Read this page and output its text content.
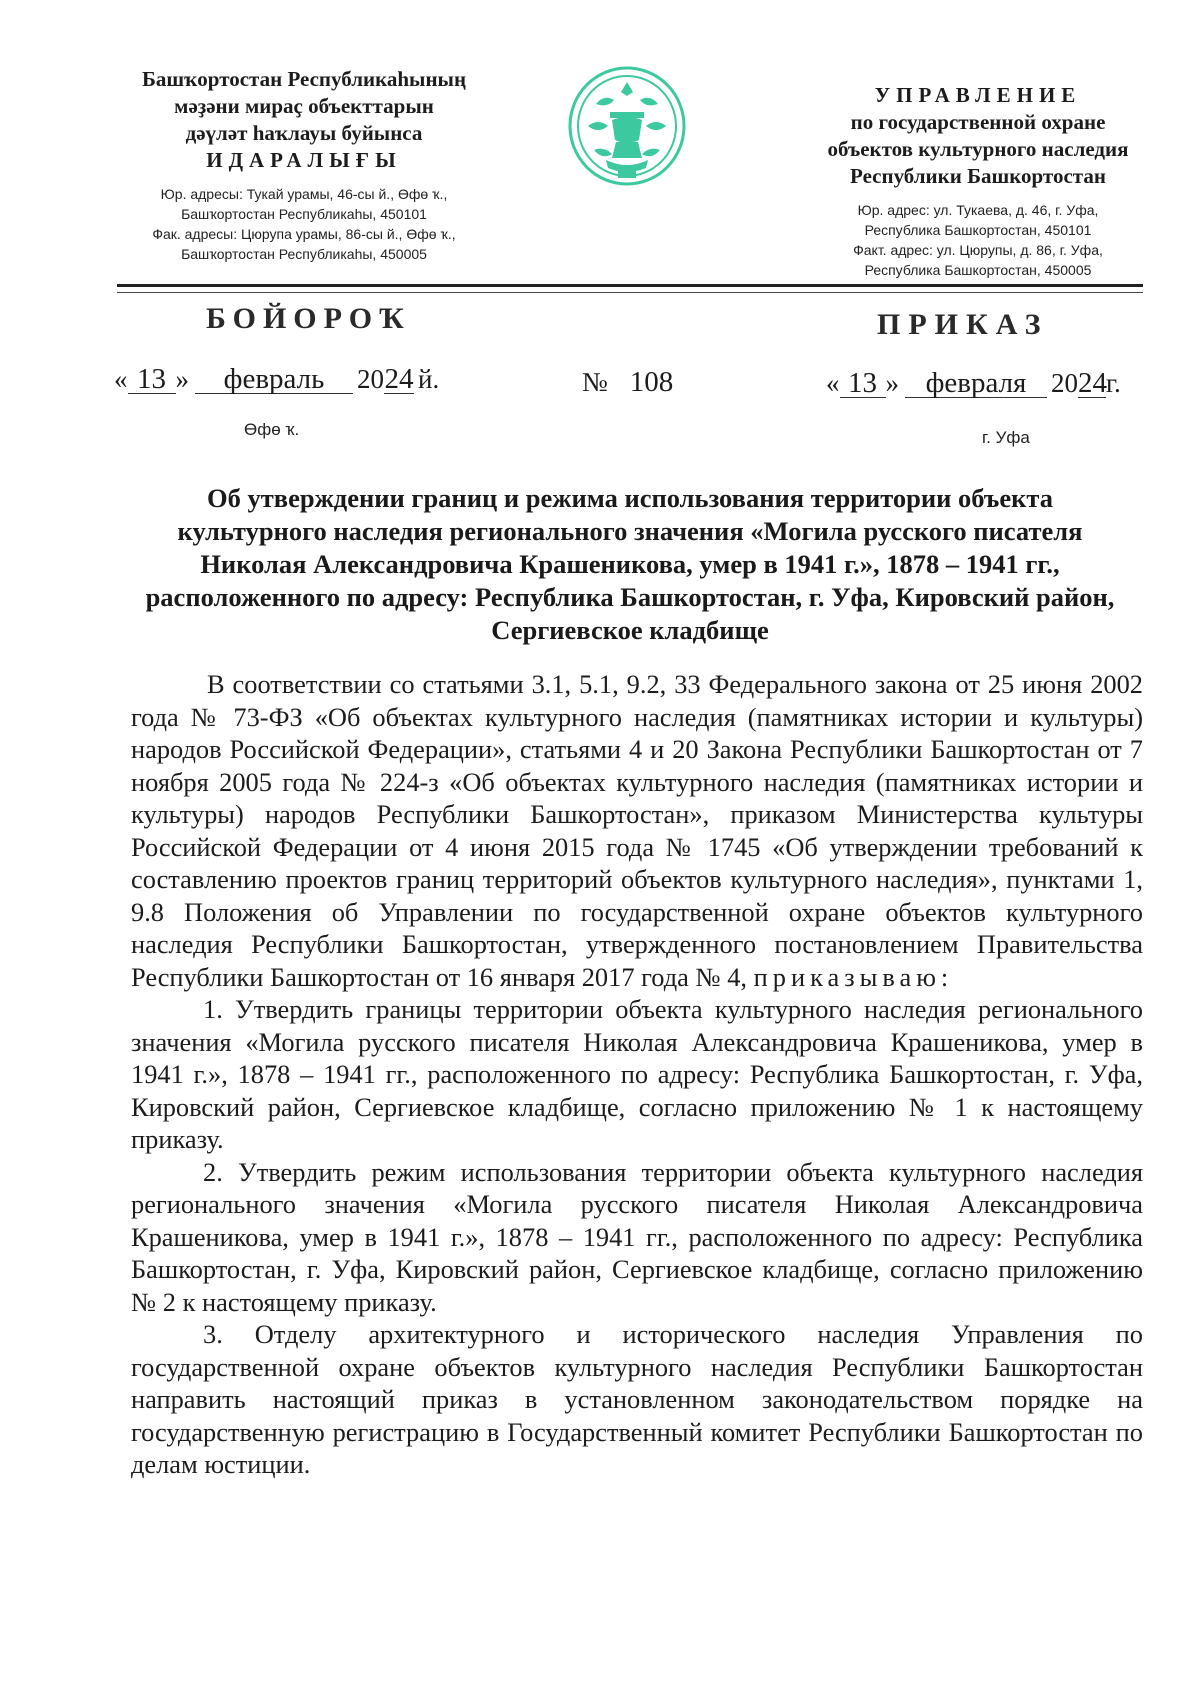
Башҡортостан Республикаһының
мәҙәни мираҫ объекттарын
дәүләт һаҡлауы буйынса
ИДАРАЛЫҒЫ
Юр. адресы: Тукай урамы, 46-сы й., Өфө ҡ.,
Башҡортостан Республикаһы, 450101
Фак. адресы: Цюрупа урамы, 86-сы й., Өфө ҡ.,
Башҡортостан Республикаһы, 450005
УПРАВЛЕНИЕ
по государственной охране
объектов культурного наследия
Республики Башкортостан
Юр. адрес: ул. Тукаева, д. 46, г. Уфа,
Республика Башкортостан, 450101
Факт. адрес: ул. Цюрупы, д. 86, г. Уфа,
Республика Башкортостан, 450005
БОЙОРОҠ	ПРИКАЗ
« 13 » февраль 2024 й.	№ 108	« 13 » февраля 2024г.
Өфө ҡ.	г. Уфа
Об утверждении границ и режима использования территории объекта культурного наследия регионального значения «Могила русского писателя Николая Александровича Крашеникова, умер в 1941 г.», 1878 – 1941 гг., расположенного по адресу: Республика Башкортостан, г. Уфа, Кировский район, Сергиевское кладбище

В соответствии со статьями 3.1, 5.1, 9.2, 33 Федерального закона от 25 июня 2002 года № 73-ФЗ «Об объектах культурного наследия (памятниках истории и культуры) народов Российской Федерации», статьями 4 и 20 Закона Республики Башкортостан от 7 ноября 2005 года № 224-з «Об объектах культурного наследия (памятниках истории и культуры) народов Республики Башкортостан», приказом Министерства культуры Российской Федерации от 4 июня 2015 года № 1745 «Об утверждении требований к составлению проектов границ территорий объектов культурного наследия», пунктами 1, 9.8 Положения об Управлении по государственной охране объектов культурного наследия Республики Башкортостан, утвержденного постановлением Правительства Республики Башкортостан от 16 января 2017 года № 4, приказываю:

1. Утвердить границы территории объекта культурного наследия регионального значения «Могила русского писателя Николая Александровича Крашеникова, умер в 1941 г.», 1878 – 1941 гг., расположенного по адресу: Республика Башкортостан, г. Уфа, Кировский район, Сергиевское кладбище, согласно приложению № 1 к настоящему приказу.

2. Утвердить режим использования территории объекта культурного наследия регионального значения «Могила русского писателя Николая Александровича Крашеникова, умер в 1941 г.», 1878 – 1941 гг., расположенного по адресу: Республика Башкортостан, г. Уфа, Кировский район, Сергиевское кладбище, согласно приложению № 2 к настоящему приказу.

3. Отделу архитектурного и исторического наследия Управления по государственной охране объектов культурного наследия Республики Башкортостан направить настоящий приказ в установленном законодательством порядке на государственную регистрацию в Государственный комитет Республики Башкортостан по делам юстиции.
